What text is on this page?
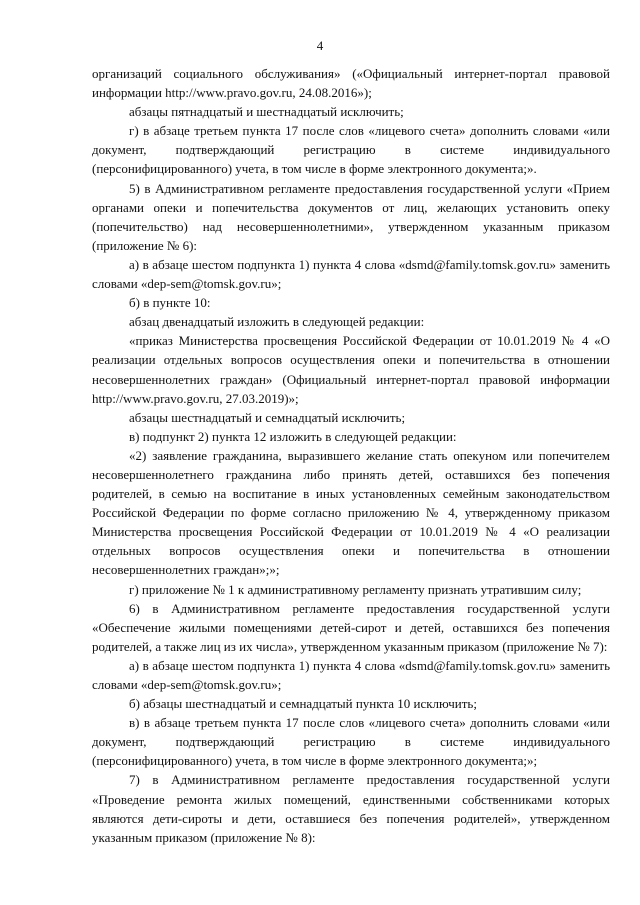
4

организаций социального обслуживания» («Официальный интернет-портал правовой информации http://www.pravo.gov.ru, 24.08.2016»);

абзацы пятнадцатый и шестнадцатый исключить;

г) в абзаце третьем пункта 17 после слов «лицевого счета» дополнить словами «или документ, подтверждающий регистрацию в системе индивидуального (персонифицированного) учета, в том числе в форме электронного документа;».

5) в Административном регламенте предоставления государственной услуги «Прием органами опеки и попечительства документов от лиц, желающих установить опеку (попечительство) над несовершеннолетними», утвержденном указанным приказом (приложение № 6):

а) в абзаце шестом подпункта 1) пункта 4 слова «dsmd@family.tomsk.gov.ru» заменить словами «dep-sem@tomsk.gov.ru»;

б) в пункте 10:

абзац двенадцатый изложить в следующей редакции:

«приказ Министерства просвещения Российской Федерации от 10.01.2019 № 4 «О реализации отдельных вопросов осуществления опеки и попечительства в отношении несовершеннолетних граждан» (Официальный интернет-портал правовой информации http://www.pravo.gov.ru, 27.03.2019)»;

абзацы шестнадцатый и семнадцатый исключить;

в) подпункт 2) пункта 12 изложить в следующей редакции:

«2) заявление гражданина, выразившего желание стать опекуном или попечителем несовершеннолетнего гражданина либо принять детей, оставшихся без попечения родителей, в семью на воспитание в иных установленных семейным законодательством Российской Федерации по форме согласно приложению № 4, утвержденному приказом Министерства просвещения Российской Федерации от 10.01.2019 № 4 «О реализации отдельных вопросов осуществления опеки и попечительства в отношении несовершеннолетних граждан»;»;

г) приложение № 1 к административному регламенту признать утратившим силу;

6) в Административном регламенте предоставления государственной услуги «Обеспечение жилыми помещениями детей-сирот и детей, оставшихся без попечения родителей, а также лиц из их числа», утвержденном указанным приказом (приложение № 7):

а) в абзаце шестом подпункта 1) пункта 4 слова «dsmd@family.tomsk.gov.ru» заменить словами «dep-sem@tomsk.gov.ru»;

б) абзацы шестнадцатый и семнадцатый пункта 10 исключить;

в) в абзаце третьем пункта 17 после слов «лицевого счета» дополнить словами «или документ, подтверждающий регистрацию в системе индивидуального (персонифицированного) учета, в том числе в форме электронного документа;»;

7) в Административном регламенте предоставления государственной услуги «Проведение ремонта жилых помещений, единственными собственниками которых являются дети-сироты и дети, оставшиеся без попечения родителей», утвержденном указанным приказом (приложение № 8):
